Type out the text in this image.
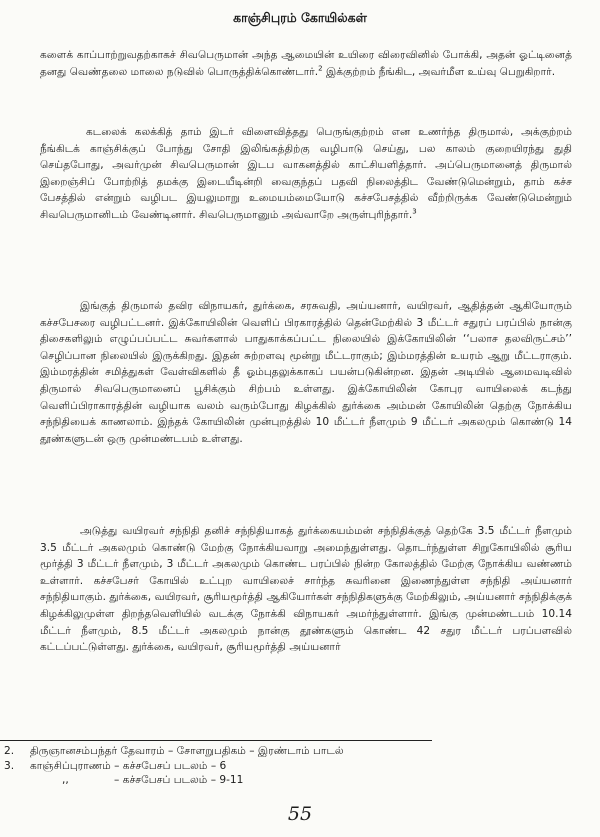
காஞ்சிபுரம் கோயில்கள்

களைக் காப்பாற்றுவதற்காகச் சிவபெருமான் அந்த ஆமையின் உயிரை விரைவினில் போக்கி, அதன் ஓட்டினைத் தனது வெண்தலை மாலை நடுவில் பொருத்திக்கொண்டார்.$^2$ இக்குற்றம் நீங்கிட, அவர்மீள உய்வு பெறுகிறார்.

கடலைக் கலக்கித் தாம் இடர் விளைவித்தது பெருங்குற்றம் என உணர்ந்த திருமால், அக்குற்றம் நீங்கிடக் காஞ்சிக்குப் போந்து சோதி இலிங்கத்திற்கு வழிபாடு செய்து, பல காலம் குறையிரந்து துதி செய்தபோது, அவர்முன் சிவபெருமான் இடப வாகனத்தில் காட்சியளித்தார். அப்பெருமானைத் திருமால் இறைஞ்சிப் போற்றித் தமக்கு இடையீடின்றி வைகுந்தப் பதவி நிலைத்திட வேண்டுமென்றும், தாம் கச்ச பேசத்தில் என்றும் வழிபட இயலுமாறு உமையம்மையோடு கச்சபேசத்தில் வீற்றிருக்க வேண்டுமென்றும் சிவபெருமானிடம் வேண்டினார். சிவபெருமானும் அவ்வாறே அருள்புரிந்தார்.$^3$

இங்குத் திருமால் தவிர விநாயகர், துர்க்கை, சரசுவதி, அய்யனார், வயிரவர், ஆதித்தன் ஆகியோரும் கச்சபேசரை வழிபட்டனர். இக்கோயிலின் வெளிப் பிரகாரத்தில் தென்மேற்கில் 3 மீட்டர் சதுரப் பரப்பில் நான்கு திசைகளிலும் எழுப்பப்பட்ட சுவர்களால் பாதுகாக்கப்பட்ட நிலையில் இக்கோயிலின் ‘‘பலாச தலவிருட்சம்’’ செழிப்பான நிலையில் இருக்கிறது. இதன் சுற்றளவு மூன்று மீட்டராகும்; இம்மரத்தின் உயரம் ஆறு மீட்டராகும். இம்மரத்தின் சமித்துகள் வேள்விகளில் தீ ஓம்புதலுக்காகப் பயன்படுகின்றன. இதன் அடியில் ஆமைவடிவில் திருமால் சிவபெருமானைப் பூசிக்கும் சிற்பம் உள்ளது. இக்கோயிலின் கோபுர வாயிலைக் கடந்து வெளிப்பிராகாரத்தின் வழியாக வலம் வரும்போது கிழக்கில் துர்க்கை அம்மன் கோயிலின் தெற்கு நோக்கிய சந்நிதியைக் காணலாம். இந்தக் கோயிலின் முன்புறத்தில் 10 மீட்டர் நீளமும் 9 மீட்டர் அகலமும் கொண்டு 14 தூண்களுடன் ஒரு முன்மண்டபம் உள்ளது.

அடுத்து வயிரவர் சந்நிதி தனிச் சந்நிதியாகத் துர்க்கையம்மன் சந்நிதிக்குத் தெற்கே 3.5 மீட்டர் நீளமும் 3.5 மீட்டர் அகலமும் கொண்டு மேற்கு நோக்கியவாறு அமைந்துள்ளது. தொடர்ந்துள்ள சிறுகோயிலில் சூரிய மூர்த்தி 3 மீட்டர் நீளமும், 3 மீட்டர் அகலமும் கொண்ட பரப்பில் நின்ற கோலத்தில் மேற்கு நோக்கிய வண்ணம் உள்ளார். கச்சபேசர் கோயில் உட்புற வாயிலைச் சார்ந்த சுவரினை இணைந்துள்ள சந்நிதி அய்யனார் சந்நிதியாகும். துர்க்கை, வயிரவர், சூரியமூர்த்தி ஆகியோர்கள் சந்நிதிகளுக்கு மேற்கிலும், அய்யனார் சந்நிதிக்குக் கிழக்கிலுமுள்ள திறந்தவெளியில் வடக்கு நோக்கி விநாயகர் அமர்ந்துள்ளார். இங்கு முன்மண்டபம் 10.14 மீட்டர் நீளமும், 8.5 மீட்டர் அகலமும் நான்கு தூண்களும் கொண்ட 42 சதுர மீட்டர் பரப்பளவில் கட்டப்பட்டுள்ளது. துர்க்கை, வயிரவர், சூரியமூர்த்தி அய்யனார்

2. திருஞானசம்பந்தர் தேவாரம் – சோளறுபதிகம் – இரண்டாம் பாடல்
3. காஞ்சிப்புராணம் – கச்சபேசப் படலம் – 6
,,	– கச்சபேசப் படலம் – 9-11
55
